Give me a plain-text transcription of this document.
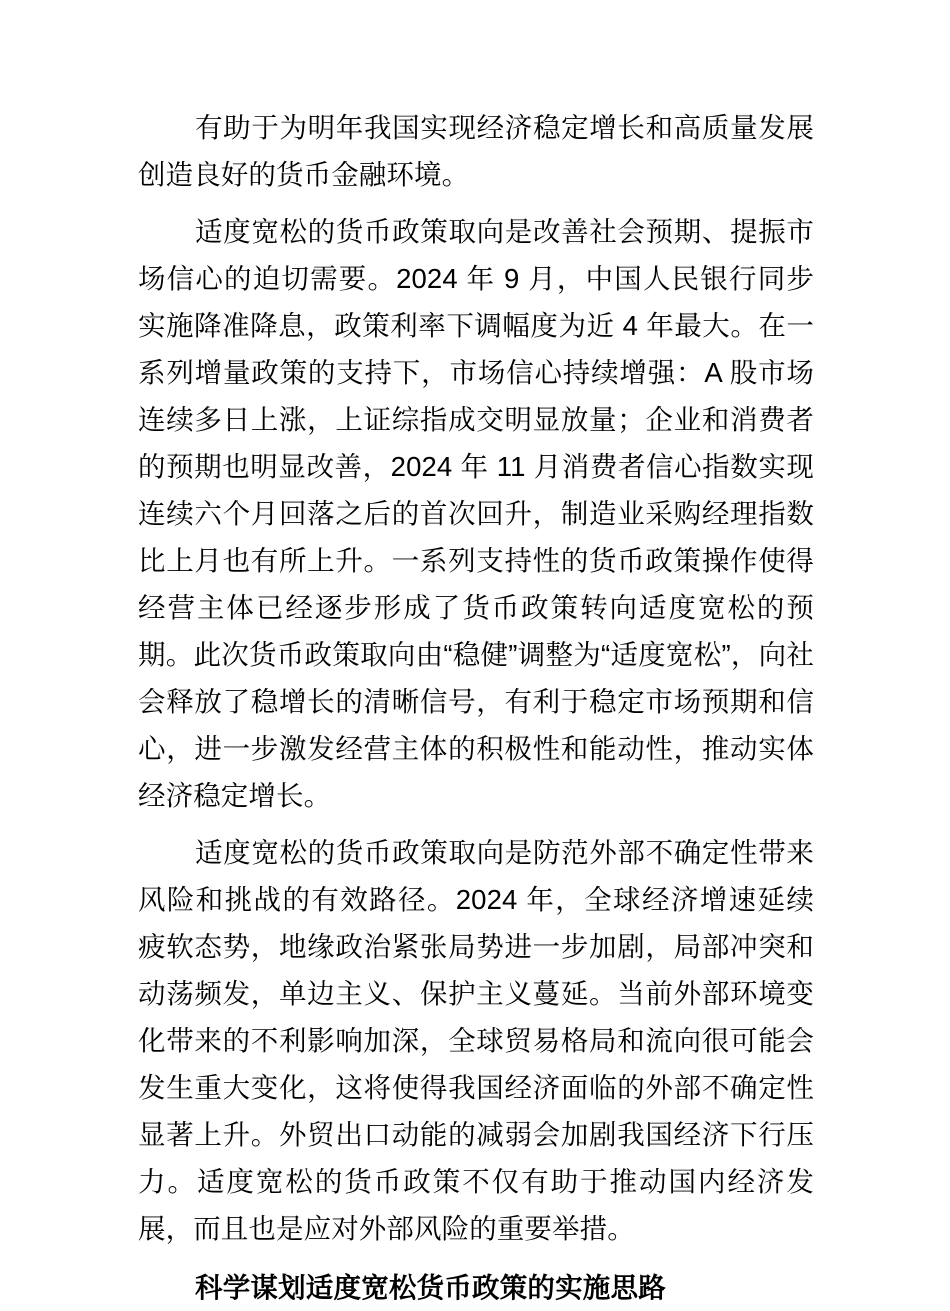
有助于为明年我国实现经济稳定增长和高质量发展创造良好的货币金融环境。

适度宽松的货币政策取向是改善社会预期、提振市场信心的迫切需要。2024 年 9 月，中国人民银行同步实施降准降息，政策利率下调幅度为近 4 年最大。在一系列增量政策的支持下，市场信心持续增强：A 股市场连续多日上涨，上证综指成交明显放量；企业和消费者的预期也明显改善，2024 年 11 月消费者信心指数实现连续六个月回落之后的首次回升，制造业采购经理指数比上月也有所上升。一系列支持性的货币政策操作使得经营主体已经逐步形成了货币政策转向适度宽松的预期。此次货币政策取向由“稳健”调整为“适度宽松”，向社会释放了稳增长的清晰信号，有利于稳定市场预期和信心，进一步激发经营主体的积极性和能动性，推动实体经济稳定增长。

适度宽松的货币政策取向是防范外部不确定性带来风险和挑战的有效路径。2024 年，全球经济增速延续疲软态势，地缘政治紧张局势进一步加剧，局部冲突和动荡频发，单边主义、保护主义蔓延。当前外部环境变化带来的不利影响加深，全球贸易格局和流向很可能会发生重大变化，这将使得我国经济面临的外部不确定性显著上升。外贸出口动能的减弱会加剧我国经济下行压力。适度宽松的货币政策不仅有助于推动国内经济发展，而且也是应对外部风险的重要举措。

科学谋划适度宽松货币政策的实施思路
